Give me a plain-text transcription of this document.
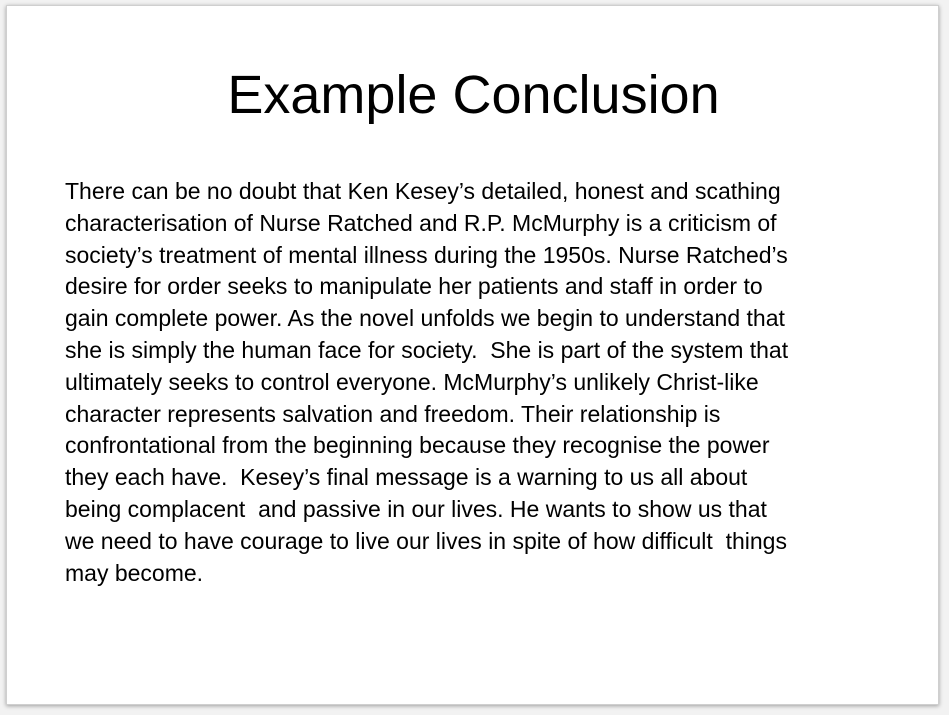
Example Conclusion
There can be no doubt that Ken Kesey’s detailed, honest and scathing
characterisation of Nurse Ratched and R.P. McMurphy is a criticism of
society’s treatment of mental illness during the 1950s. Nurse Ratched’s
desire for order seeks to manipulate her patients and staff in order to
gain complete power. As the novel unfolds we begin to understand that
she is simply the human face for society.  She is part of the system that
ultimately seeks to control everyone. McMurphy’s unlikely Christ-like
character represents salvation and freedom. Their relationship is
confrontational from the beginning because they recognise the power
they each have.  Kesey’s final message is a warning to us all about
being complacent  and passive in our lives. He wants to show us that
we need to have courage to live our lives in spite of how difficult  things
may become.
